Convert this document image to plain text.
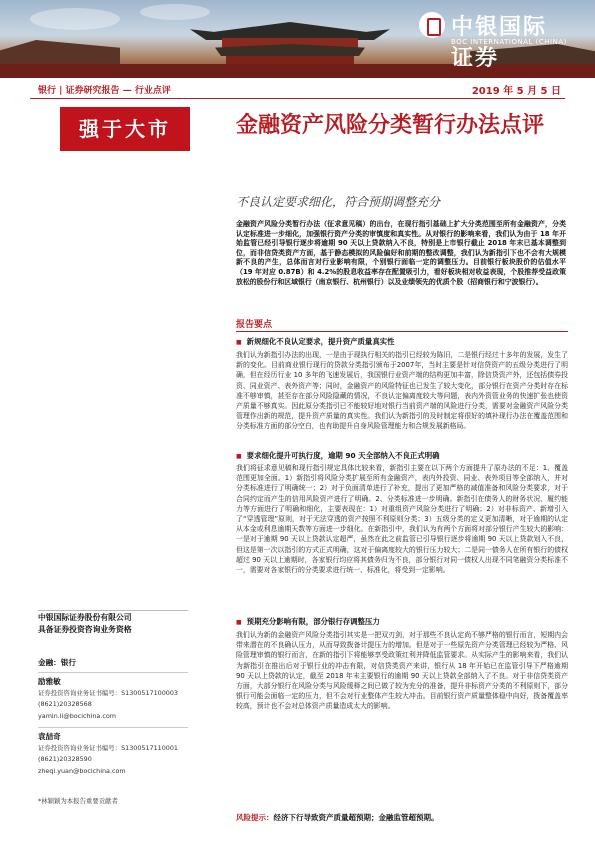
中银国际证券
BOC INTERNATIONAL (CHINA)
银行 | 证券研究报告 — 行业点评	2019 年 5 月 5 日
强于大市	金融资产风险分类暂行办法点评
不良认定要求细化，符合预期调整充分
金融资产风险分类暂行办法（征求意见稿）的出台，在现行指引基础上扩大分类范围至所有金融资产，分类认定标准进一步细化，加强银行资产分类的审慎度和真实性。从对银行的影响来看，我们认为由于 18 年开始监管已经引导银行逐步将逾期 90 天以上贷款纳入不良，特别是上市银行截止 2018 年末已基本调整到位，而非信贷类资产方面，基于静态模拟的风险偏好和前期的整改调整，我们认为新指引下也不会有大规模新不良的产生，总体而言对行业影响有限，个别银行面临一定的调整压力。目前银行板块股价的估值水平（19 年对应 0.87B）和 4.2%的股息收益率存在配置吸引力，看好板块相对收益表现，个股推荐受益政策放松的股份行和区域银行（南京银行、杭州银行）以及业绩领先的优质个股（招商银行和宁波银行）。
报告要点
■ 新规细化不良认定要求，提升资产质量真实性
我们认为新指引办法的出现，一是由于现执行相关的指引已经较为陈旧，二是银行经过十多年的发展，发生了新的变化。目前商业银行现行的贷款分类指引颁布于2007年，当时主要是针对信贷资产的五级分类进行了明确，但在经历行业 10 多年的飞速发展后，我国银行业资产端的结构更加丰富，除信贷资产外，还包括债券投资、同业资产、表外资产等；同时，金融资产的风险特征也已发生了较大变化，部分银行在资产分类时存在标准不够审慎，甚至存在部分风险隐藏的情况，不良认定偏离度较大等问题，表内外资管业务的快速扩张也使资产质量不够真实。因此原分类指引已不能较好地对银行当前资产端的风险进行分类，需要对金融资产风险分类管理作出新的规范，提升资产质量的真实性。我们认为新指引的及时制定将很好的填补现行办法在覆盖范围和分类标准方面的部分空白，也有助提升自身风险管理能力和合规发展新格局。
■ 要求细化提升可执行度，逾期 90 天全部纳入不良正式明确
我们将征求意见稿和现行指引规定具体比较来看，新指引主要在以下两个方面提升了原办法的不足：1、覆盖范围更加全面。1）新指引将风险分类扩展至所有金融资产，表内外投资、同业、表外项目等全部纳入，并对分类标准进行了明确统一；2）对于负面清单进行了补充，提出了更加严格的减值准备和风险分类要求，对于合同约定而产生的信用风险资产进行了明确。2、分类标准进一步明确。新指引在债务人的财务状况、履约能力等方面进行了明确和细化，主要表现在：1）对重组资产风险分类进行了明确；2）对非标资产、新增引入了“穿透管理”原则，对于无法穿透的资产按照不利原则分类；3）五级分类的定义更加清晰，对于逾期的认定从本金或利息逾期天数等方面进一步细化。在新指引中，我们认为有两个方面将对部分银行产生较大的影响：一是对于逾期 90 天以上贷款认定超严，虽然在此之前监管已引导银行逐步将逾期 90 天以上贷款划入不良，但这是第一次以指引的方式正式明确，这对于偏离度较大的银行压力较大；二是同一债务人在所有银行的债权超过 90 天以上逾期时，各家银行均应将其债务归为不良，部分银行对同一债权人出现不同笔融资分类标准不一，需要对各家银行的分类要求进行统一、标准化，将受到一定影响。
■ 预期充分影响有限，部分银行存调整压力
我们认为新的金融资产风险分类指引其实是一把双刃剑，对于那些不良认定尚不够严格的银行而言，短期内会带来潜在的不良确认压力，从而导致拨备计提压力的增加。但是对于一些原先资产分类管理已经较为严格、风险管理审慎的银行而言，在新的指引下将能够享受政策红利并降低监管要求。从实际产生的影响来看，我们认为新指引在推出后对于银行业的冲击有限，对信贷类资产来讲，银行从 18 年开始已在监管引导下严格逾期 90 天以上贷款的认定，截至 2018 年末主要银行的逾期 90 天以上贷款全部纳入了不良。对于非信贷类资产方面，大部分银行在风险分类与风险缓释之间已做了较为充分的准备，提升非标资产分类的不利原则下，部分银行可能会面临一定的压力，但不会对行业整体产生较大冲击。目前银行资产质量整体稳中向好，拨备覆盖率较高，预计也不会对总体资产质量造成太大的影响。
风险提示：经济下行导致资产质量超预期；金融监管超预期。
中银国际证券股份有限公司
具备证券投资咨询业务资格
金融：银行
励雅敏
证券投资咨询业务证书编号：S1300517100003
(8621)20328568
yamin.li@bocichina.com
袁喆奇
证券投资咨询业务证书编号：S1300517110001
(8621)20328590
zheqi.yuan@bocichina.com
*林颖颖为本报告重要贡献者
